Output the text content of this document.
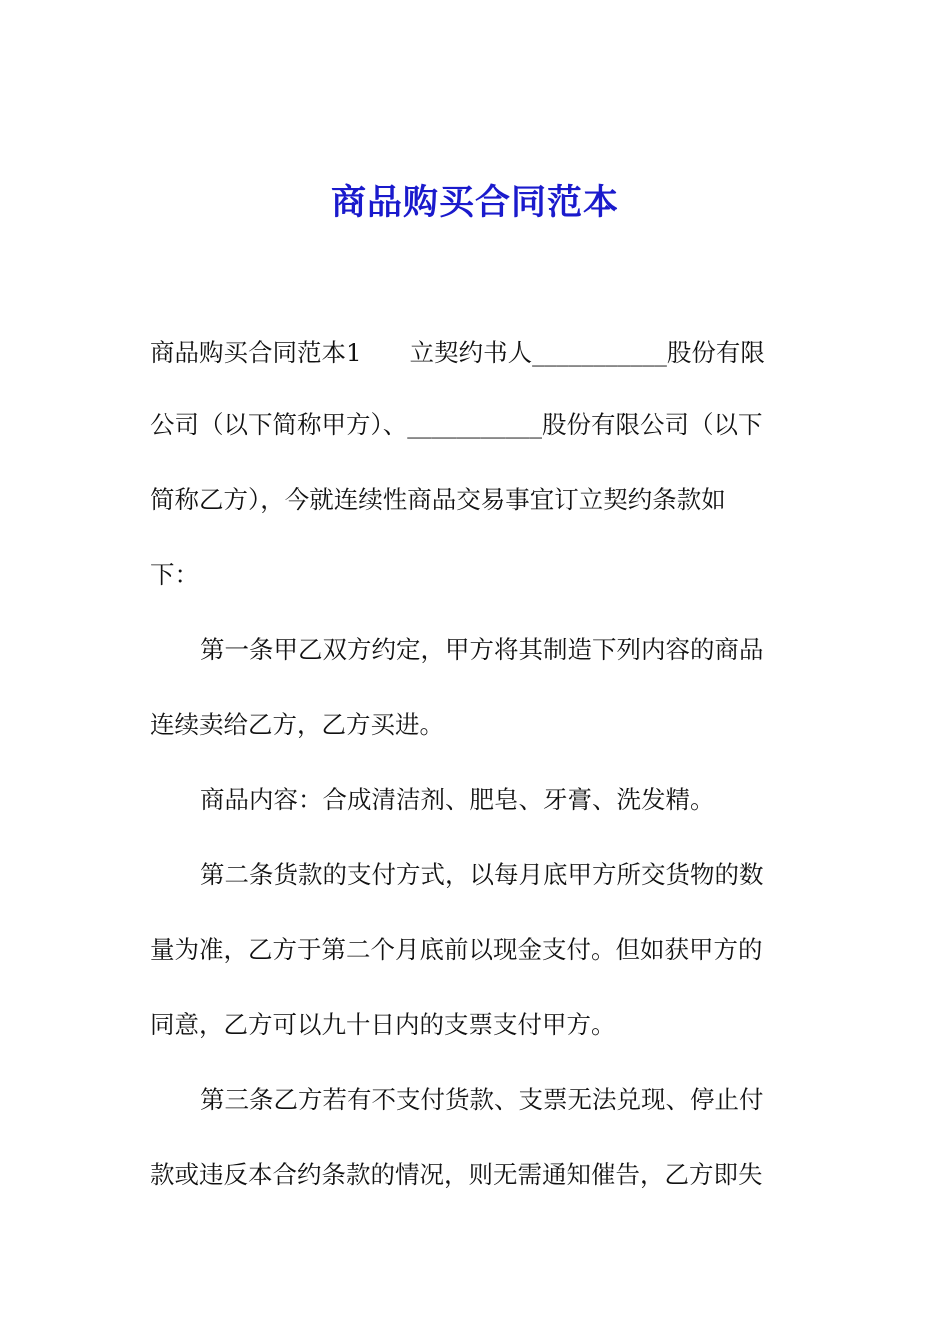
商品购买合同范本
商品购买合同范本1 立契约书人___________股份有限
公司（以下简称甲方）、___________股份有限公司（以下
简称乙方），今就连续性商品交易事宜订立契约条款如
下：
第一条甲乙双方约定，甲方将其制造下列内容的商品
连续卖给乙方，乙方买进。
商品内容：合成清洁剂、肥皂、牙膏、洗发精。
第二条货款的支付方式，以每月底甲方所交货物的数
量为准，乙方于第二个月底前以现金支付。但如获甲方的
同意，乙方可以九十日内的支票支付甲方。
第三条乙方若有不支付货款、支票无法兑现、停止付
款或违反本合约条款的情况，则无需通知催告，乙方即失
